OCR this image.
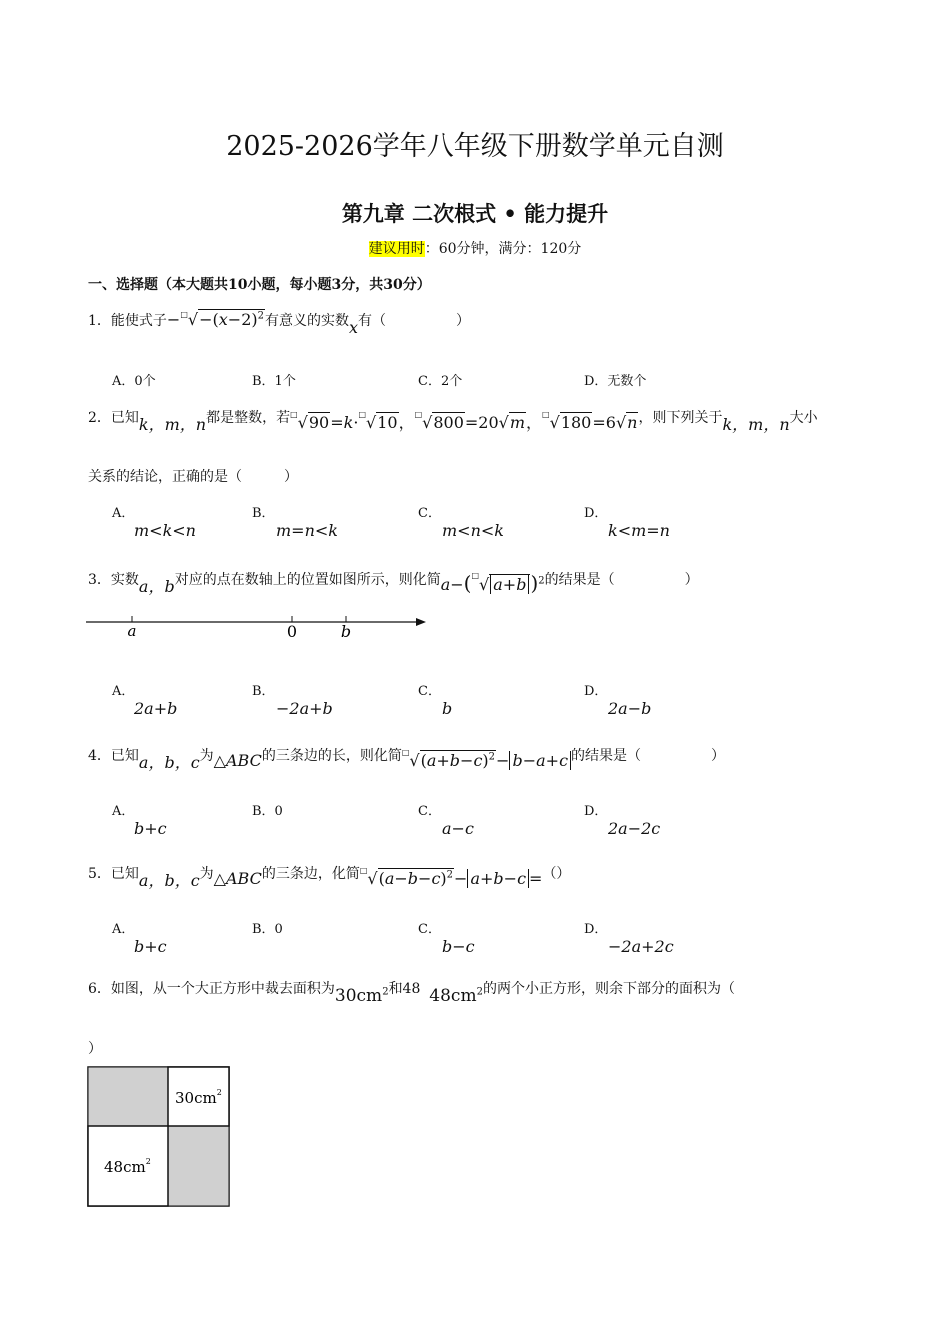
2025-2026学年八年级下册数学单元自测
第九章 二次根式 • 能力提升
建议用时：60分钟，满分：120分
一、选择题（本大题共10小题，每小题3分，共30分）
1．能使式子$-^□√-(x-2)^2$有意义的实数x有（　　　　　）
A．0个	B．1个	C．2个	D．无数个
2．已知k，m，n都是整数，若□√90=k·□√10，□√800=20√m，□√180=6√n，则下列关于k，m，n大小
关系的结论，正确的是（　　　）
A．
m<k<n
B．
m=n<k
C．
m<n<k
D．
k<m=n
3．实数a，b对应的点在数轴上的位置如图所示，则化简a−(□√ a+b )$^2$的结果是（　　　　　）
a	0	b
A．
2a+b
B．
−2a+b
C．
b
D．
2a−b
4．已知a，b，c为△ABC的三条边的长，则化简$^□√(a+b-c)^2- b-a+c$ 的结果是（　　　　　）
A．
b+c
B．0	C．
a−c
D．
2a−2c
5．已知a，b，c为△ABC的三条边，化简$^□√(a-b-c)^2- a+b-c$ =（）
A．
b+c
B．0	C．
b−c
D．
−2a+2c
6．如图，从一个大正方形中裁去面积为$30cm^2$和48 $48cm^2$的两个小正方形，则余下部分的面积为（
）
$30cm^2$
$48cm^2$
